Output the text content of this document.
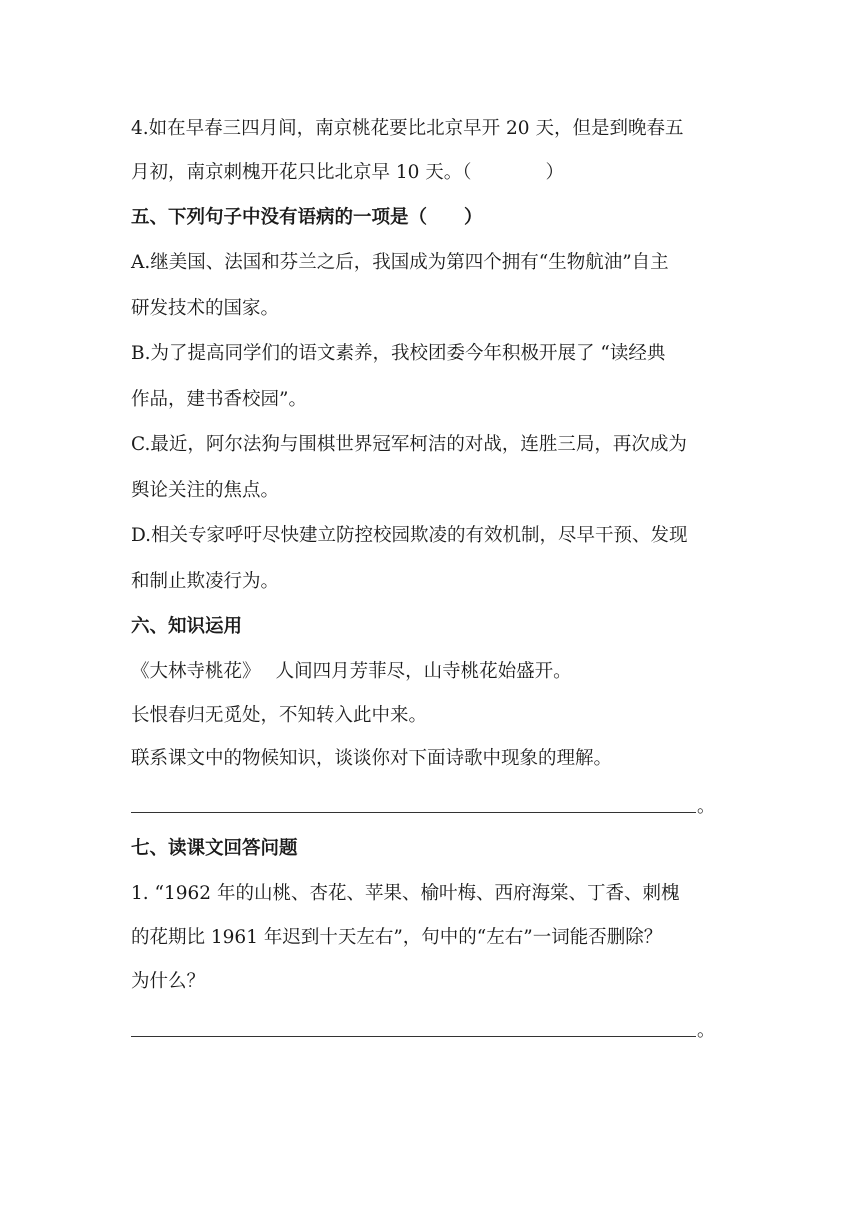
4.如在早春三四月间，南京桃花要比北京早开 20 天，但是到晚春五
月初，南京刺槐开花只比北京早 10 天。（　　　　）
五、下列句子中没有语病的一项是（　　）
A.继美国、法国和芬兰之后，我国成为第四个拥有“生物航油”自主
研发技术的国家。
B.为了提高同学们的语文素养，我校团委今年积极开展了 “读经典
作品，建书香校园”。
C.最近，阿尔法狗与围棋世界冠军柯洁的对战，连胜三局，再次成为
舆论关注的焦点。
D.相关专家呼吁尽快建立防控校园欺凌的有效机制，尽早干预、发现
和制止欺凌行为。
六、知识运用
《大林寺桃花》　 人间四月芳菲尽，山寺桃花始盛开。
长恨春归无觅处，不知转入此中来。
联系课文中的物候知识，谈谈你对下面诗歌中现象的理解。
。
七、读课文回答问题
1. “1962 年的山桃、杏花、苹果、榆叶梅、西府海棠、丁香、刺槐
的花期比 1961 年迟到十天左右”，句中的“左右”一词能否删除？
为什么？
。
